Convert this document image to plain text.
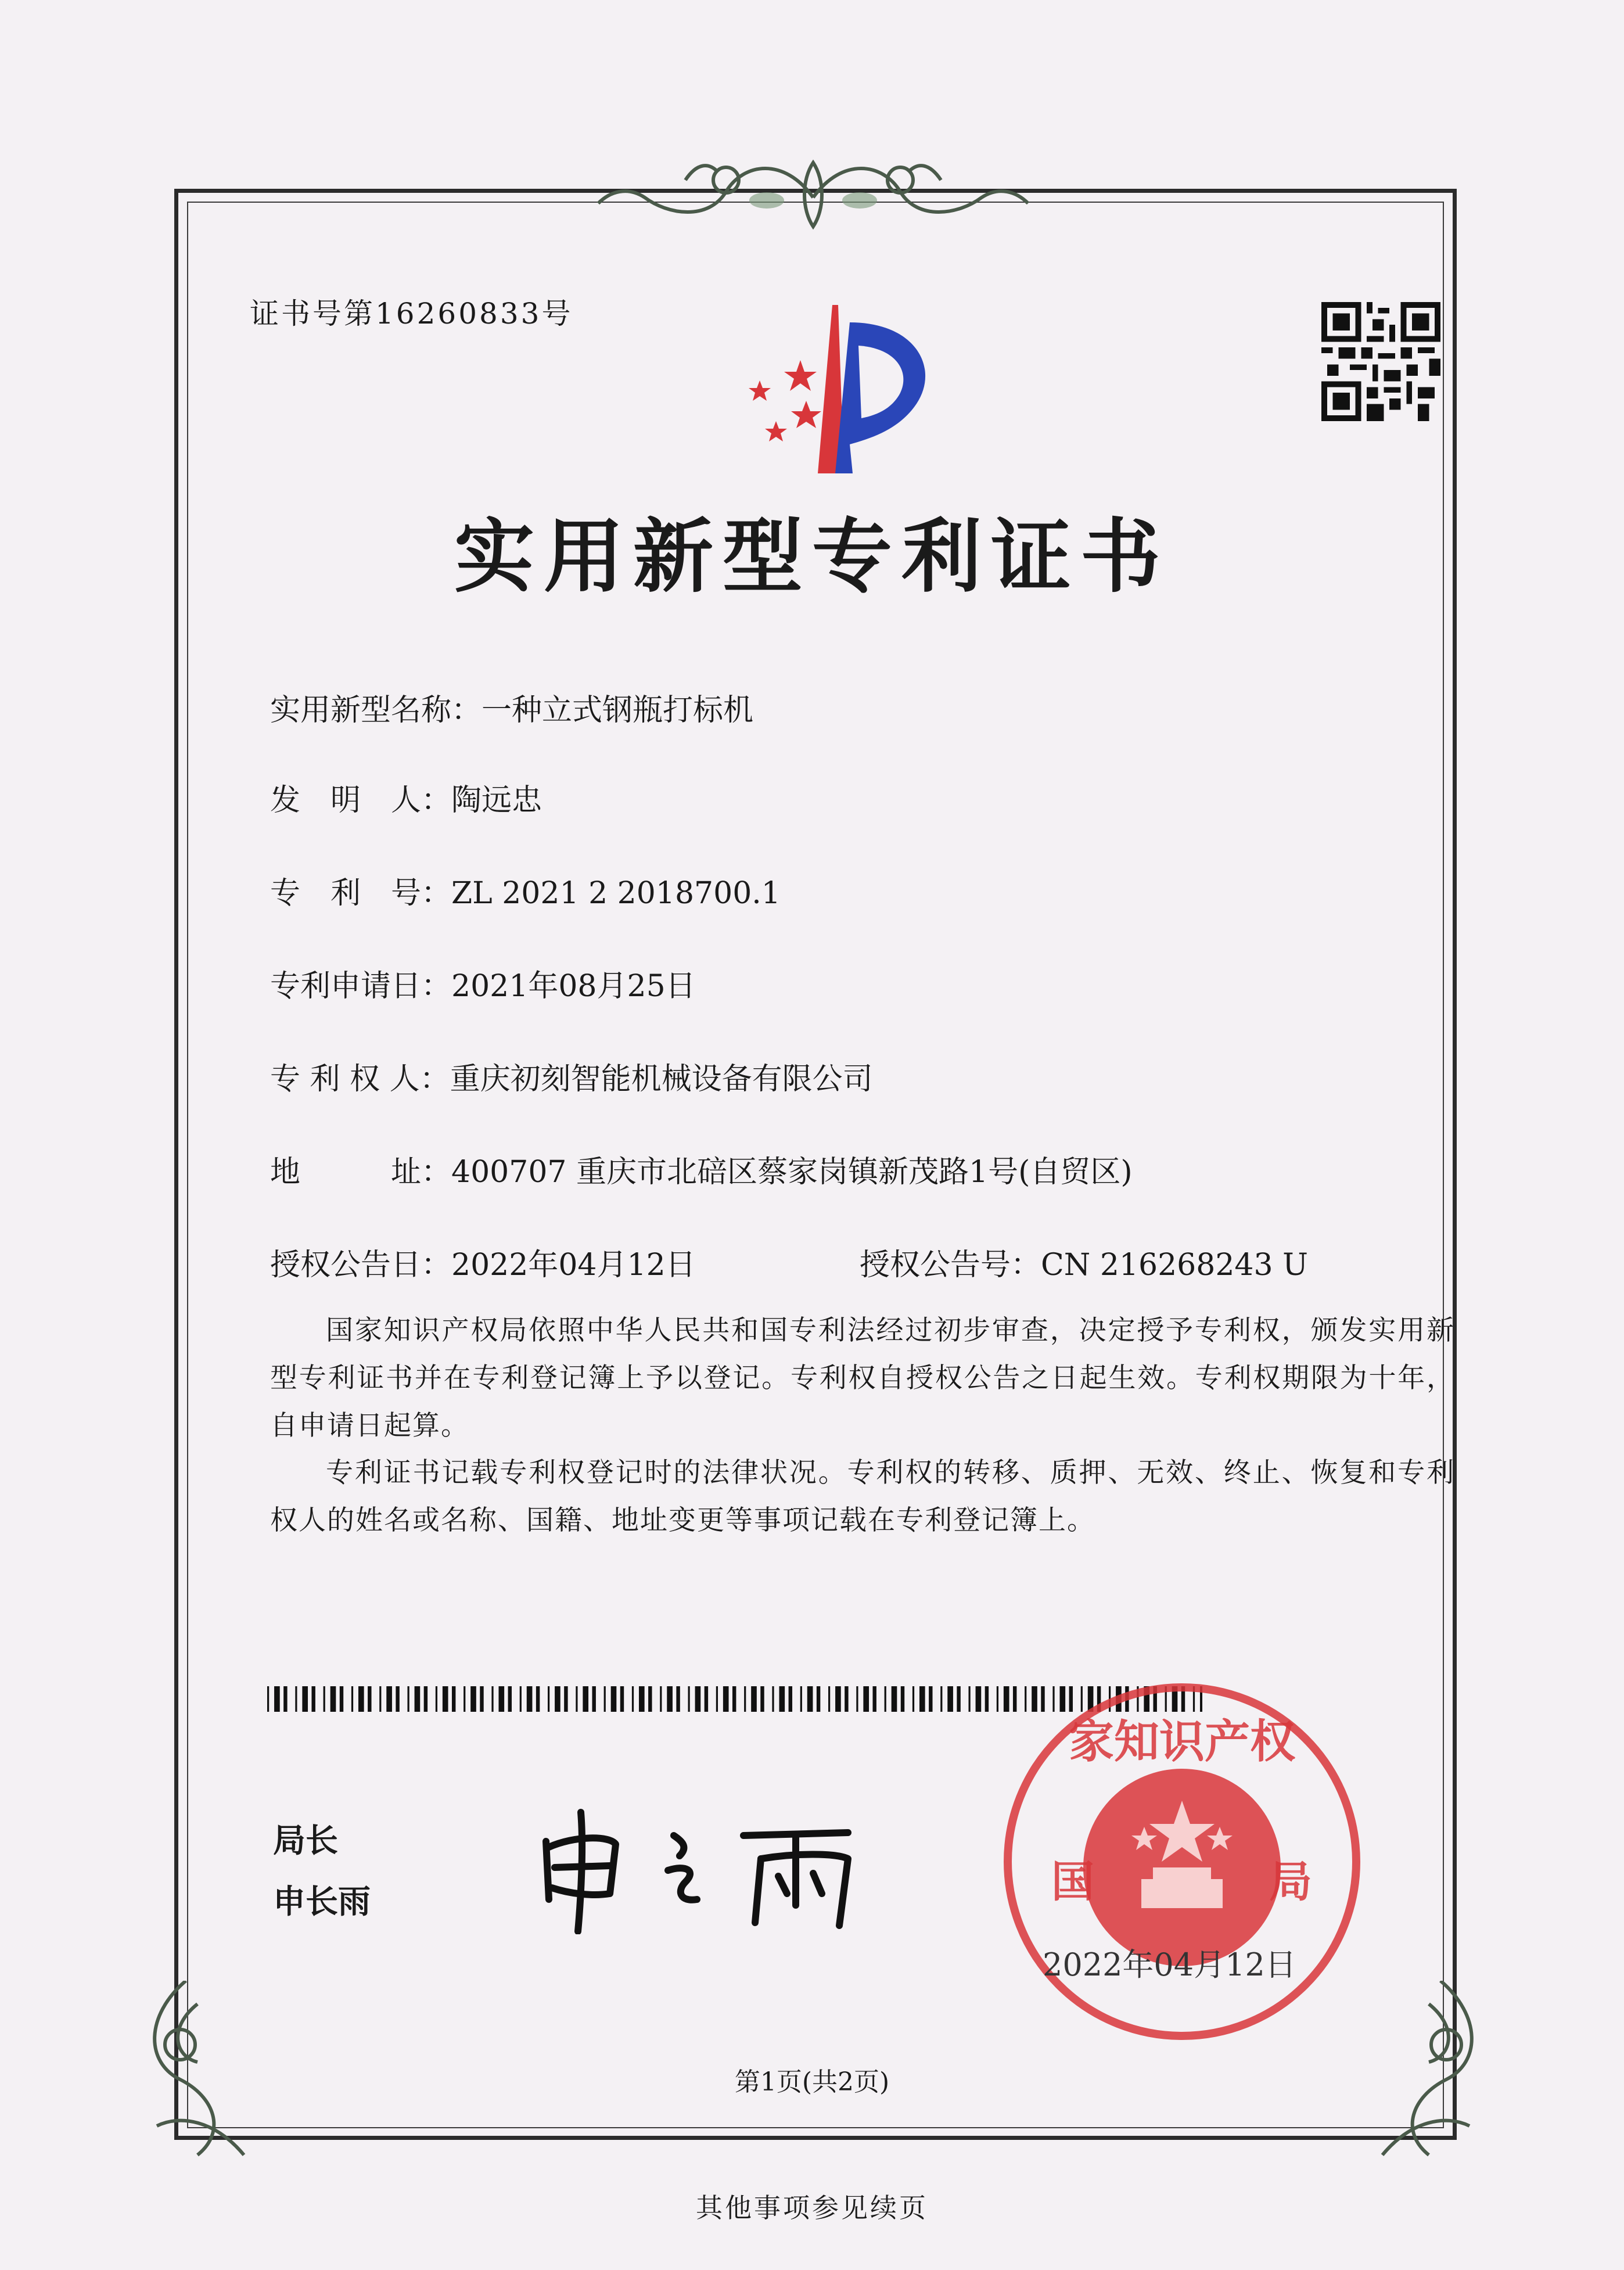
证书号第16260833号
实用新型专利证书
实用新型名称：一种立式钢瓶打标机
发　明　人：陶远忠
专　利　号：ZL 2021 2 2018700.1
专利申请日：2021年08月25日
专 利 权 人：重庆初刻智能机械设备有限公司
地　　　址：400707 重庆市北碚区蔡家岗镇新茂路1号(自贸区)
授权公告日：2022年04月12日	授权公告号：CN 216268243 U
国家知识产权局依照中华人民共和国专利法经过初步审查，决定授予专利权，颁发实用新型专利证书并在专利登记簿上予以登记。专利权自授权公告之日起生效。专利权期限为十年，自申请日起算。
专利证书记载专利权登记时的法律状况。专利权的转移、质押、无效、终止、恢复和专利权人的姓名或名称、国籍、地址变更等事项记载在专利登记簿上。
局长
申长雨
家知识产权
国	局
2022年04月12日
第1页(共2页)
其他事项参见续页
